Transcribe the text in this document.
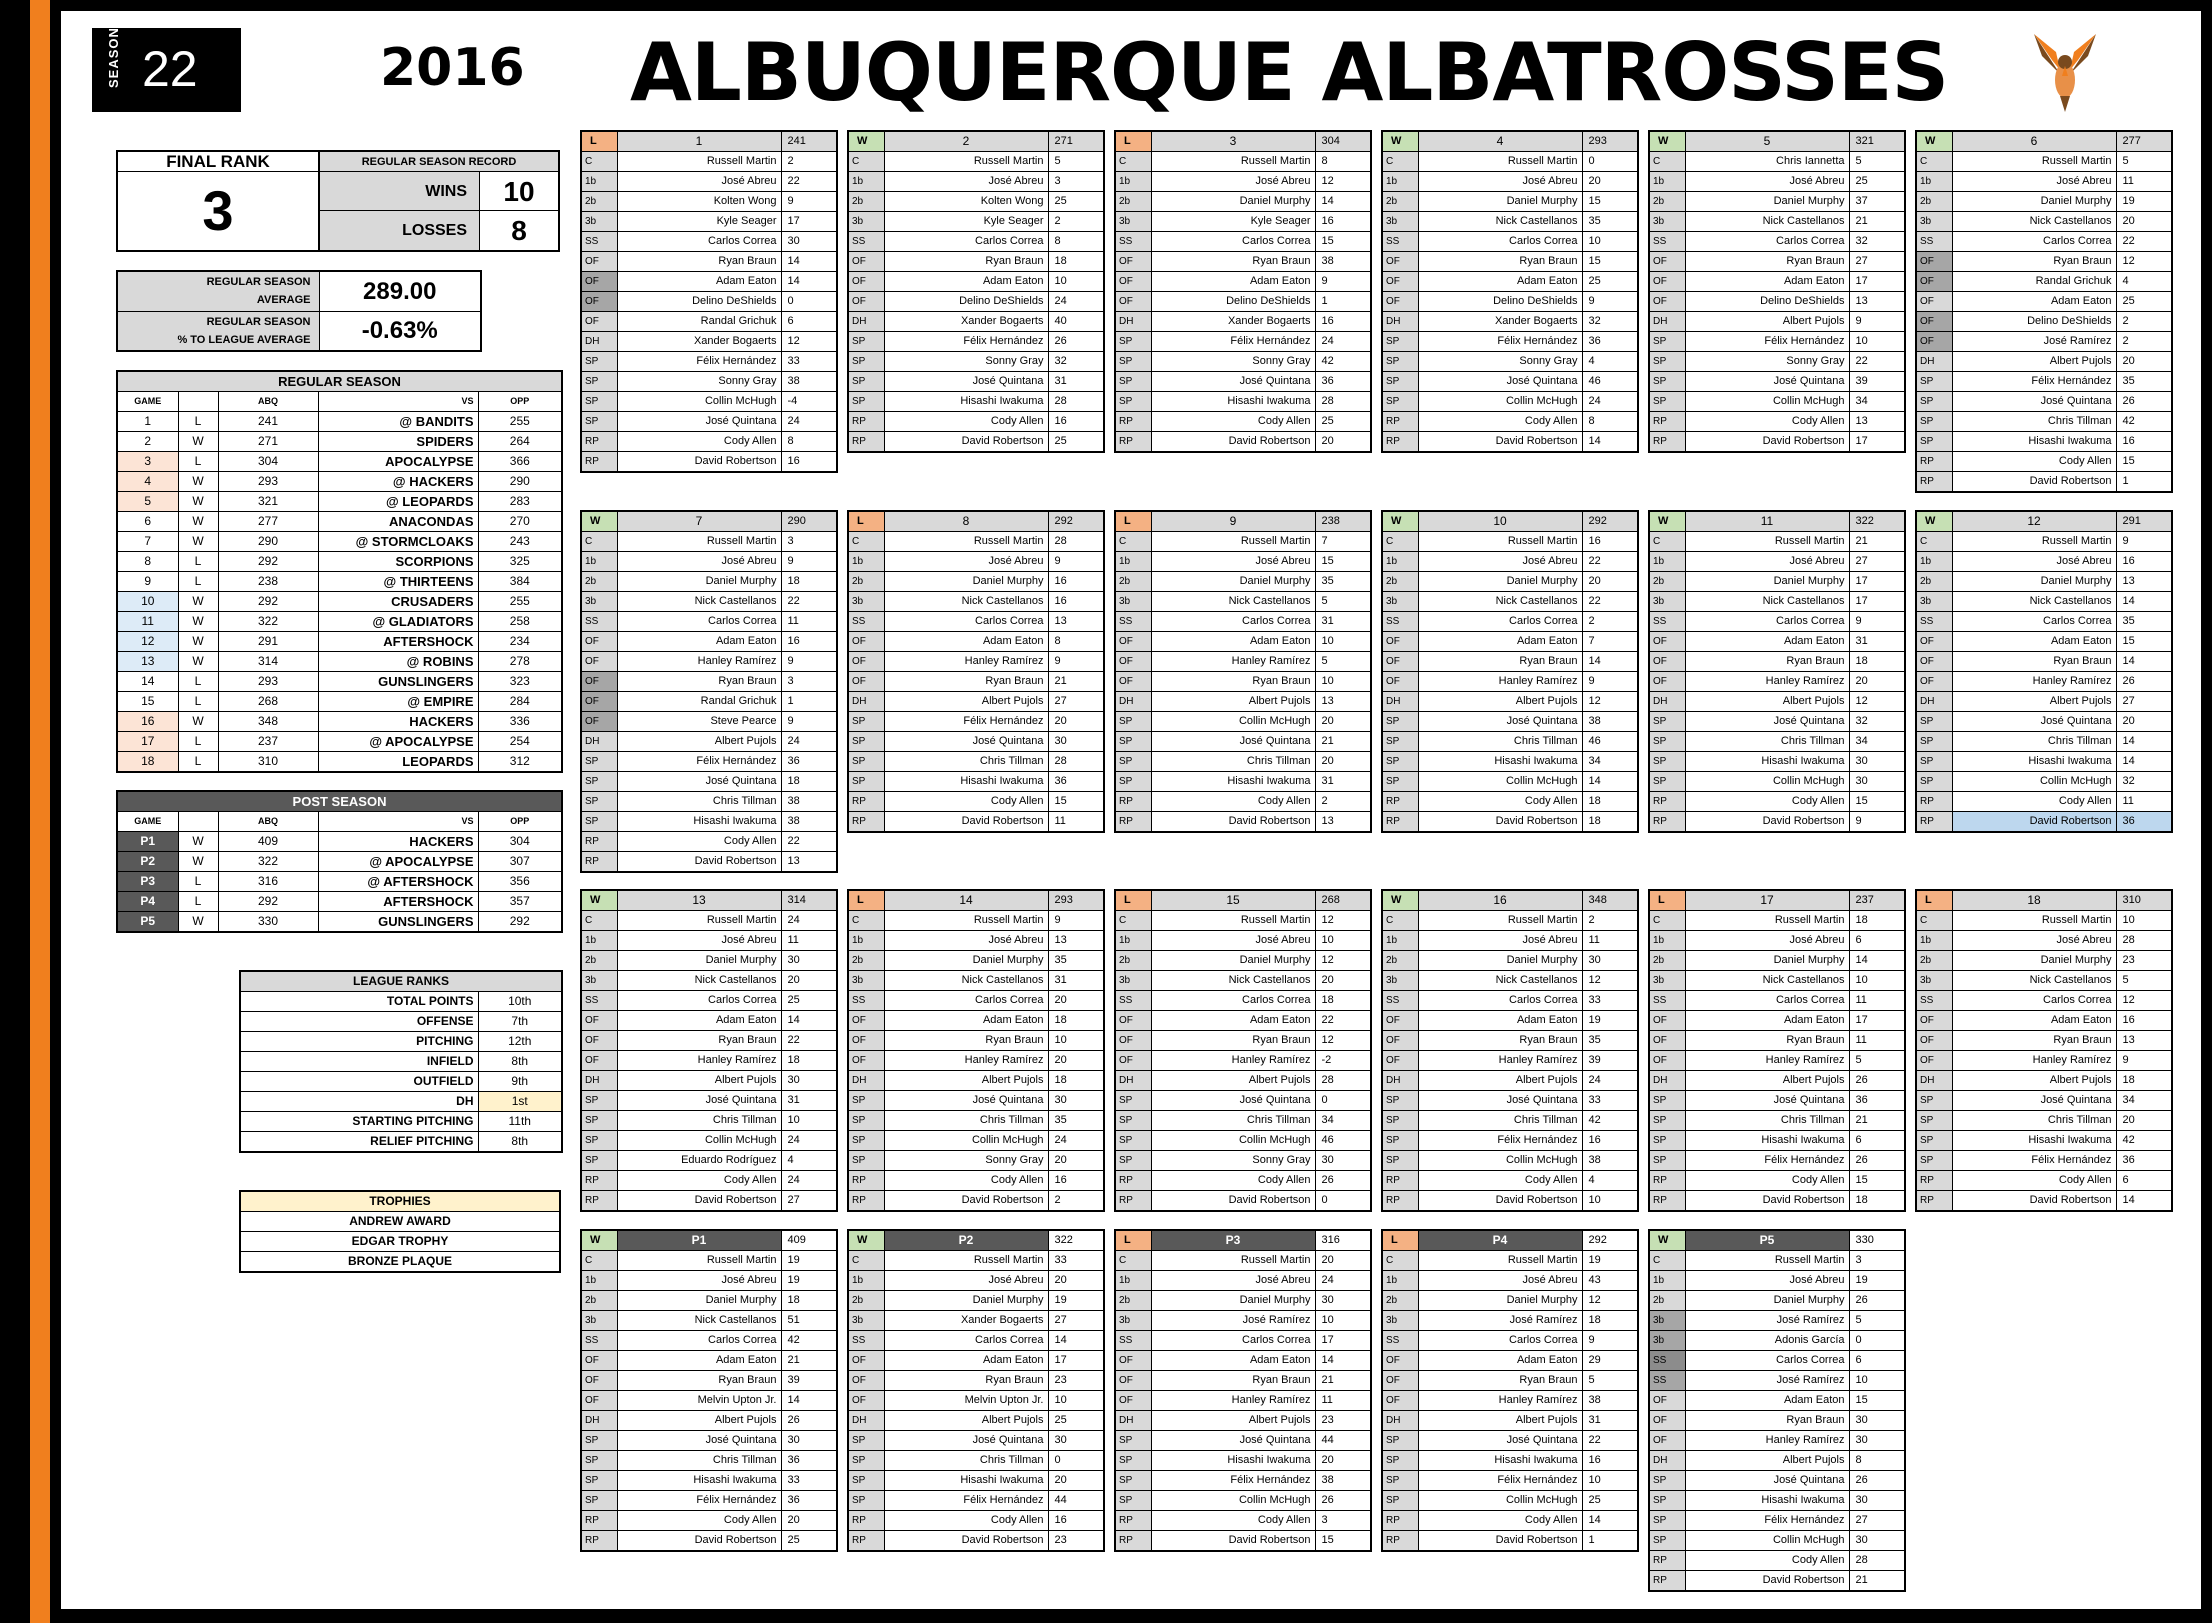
SEASON 22	2016 ALBUQUERQUE ALBATROSSES
FINAL RANK
3
REGULAR SEASON RECORD
WINS	10
LOSSES	8
REGULAR SEASON
AVERAGE	289.00
REGULAR SEASON
% TO LEAGUE AVERAGE	-0.63%
REGULAR SEASON				
GAME		ABQ	VS	OPP
1	L	241	@ BANDITS	255
2	W	271	SPIDERS	264
3	L	304	APOCALYPSE	366
4	W	293	@ HACKERS	290
5	W	321	@ LEOPARDS	283
6	W	277	ANACONDAS	270
7	W	290	@ STORMCLOAKS	243
8	L	292	SCORPIONS	325
9	L	238	@ THIRTEENS	384
10	W	292	CRUSADERS	255
11	W	322	@ GLADIATORS	258
12	W	291	AFTERSHOCK	234
13	W	314	@ ROBINS	278
14	L	293	GUNSLINGERS	323
15	L	268	@ EMPIRE	284
16	W	348	HACKERS	336
17	L	237	@ APOCALYPSE	254
18	L	310	LEOPARDS	312
POST SEASON				
GAME		ABQ	VS	OPP
P1	W	409	HACKERS	304
P2	W	322	@ APOCALYPSE	307
P3	L	316	@ AFTERSHOCK	356
P4	L	292	AFTERSHOCK	357
P5	W	330	GUNSLINGERS	292
LEAGUE RANKS	
TOTAL POINTS	10th
OFFENSE	7th
PITCHING	12th
INFIELD	8th
OUTFIELD	9th
DH	1st
STARTING PITCHING	11th
RELIEF PITCHING	8th
TROPHIES
ANDREW AWARD
EDGAR TROPHY
BRONZE PLAQUE
L	1	241
C	Russell Martin	2
1b	José Abreu	22
2b	Kolten Wong	9
3b	Kyle Seager	17
SS	Carlos Correa	30
OF	Ryan Braun	14
OF	Adam Eaton	14
OF	Delino DeShields	0
OF	Randal Grichuk	6
DH	Xander Bogaerts	12
SP	Félix Hernández	33
SP	Sonny Gray	38
SP	Collin McHugh	-4
SP	José Quintana	24
RP	Cody Allen	8
RP	David Robertson	16
W	2	271
C	Russell Martin	5
1b	José Abreu	3
2b	Kolten Wong	25
3b	Kyle Seager	2
SS	Carlos Correa	8
OF	Ryan Braun	18
OF	Adam Eaton	10
OF	Delino DeShields	24
DH	Xander Bogaerts	40
SP	Félix Hernández	26
SP	Sonny Gray	32
SP	José Quintana	31
SP	Hisashi Iwakuma	28
RP	Cody Allen	16
RP	David Robertson	25
L	3	304
C	Russell Martin	8
1b	José Abreu	12
2b	Daniel Murphy	14
3b	Kyle Seager	16
SS	Carlos Correa	15
OF	Ryan Braun	38
OF	Adam Eaton	9
OF	Delino DeShields	1
DH	Xander Bogaerts	16
SP	Félix Hernández	24
SP	Sonny Gray	42
SP	José Quintana	36
SP	Hisashi Iwakuma	28
RP	Cody Allen	25
RP	David Robertson	20
W	4	293
C	Russell Martin	0
1b	José Abreu	20
2b	Daniel Murphy	15
3b	Nick Castellanos	35
SS	Carlos Correa	10
OF	Ryan Braun	15
OF	Adam Eaton	25
OF	Delino DeShields	9
DH	Xander Bogaerts	32
SP	Félix Hernández	36
SP	Sonny Gray	4
SP	José Quintana	46
SP	Collin McHugh	24
RP	Cody Allen	8
RP	David Robertson	14
W	5	321
C	Chris Iannetta	5
1b	José Abreu	25
2b	Daniel Murphy	37
3b	Nick Castellanos	21
SS	Carlos Correa	32
OF	Ryan Braun	27
OF	Adam Eaton	17
OF	Delino DeShields	13
DH	Albert Pujols	9
SP	Félix Hernández	10
SP	Sonny Gray	22
SP	José Quintana	39
SP	Collin McHugh	34
RP	Cody Allen	13
RP	David Robertson	17
W	6	277
C	Russell Martin	5
1b	José Abreu	11
2b	Daniel Murphy	19
3b	Nick Castellanos	20
SS	Carlos Correa	22
OF	Ryan Braun	12
OF	Randal Grichuk	4
OF	Adam Eaton	25
OF	Delino DeShields	2
OF	José Ramírez	2
DH	Albert Pujols	20
SP	Félix Hernández	35
SP	José Quintana	26
SP	Chris Tillman	42
SP	Hisashi Iwakuma	16
RP	Cody Allen	15
RP	David Robertson	1
W	7	290
C	Russell Martin	3
1b	José Abreu	9
2b	Daniel Murphy	18
3b	Nick Castellanos	22
SS	Carlos Correa	11
OF	Adam Eaton	16
OF	Hanley Ramírez	9
OF	Ryan Braun	3
OF	Randal Grichuk	1
OF	Steve Pearce	9
DH	Albert Pujols	24
SP	Félix Hernández	36
SP	José Quintana	18
SP	Chris Tillman	38
SP	Hisashi Iwakuma	38
RP	Cody Allen	22
RP	David Robertson	13
L	8	292
C	Russell Martin	28
1b	José Abreu	9
2b	Daniel Murphy	16
3b	Nick Castellanos	16
SS	Carlos Correa	13
OF	Adam Eaton	8
OF	Hanley Ramírez	9
OF	Ryan Braun	21
DH	Albert Pujols	27
SP	Félix Hernández	20
SP	José Quintana	30
SP	Chris Tillman	28
SP	Hisashi Iwakuma	36
RP	Cody Allen	15
RP	David Robertson	11
L	9	238
C	Russell Martin	7
1b	José Abreu	15
2b	Daniel Murphy	35
3b	Nick Castellanos	5
SS	Carlos Correa	31
OF	Adam Eaton	10
OF	Hanley Ramírez	5
OF	Ryan Braun	10
DH	Albert Pujols	13
SP	Collin McHugh	20
SP	José Quintana	21
SP	Chris Tillman	20
SP	Hisashi Iwakuma	31
RP	Cody Allen	2
RP	David Robertson	13
W	10	292
C	Russell Martin	16
1b	José Abreu	22
2b	Daniel Murphy	20
3b	Nick Castellanos	22
SS	Carlos Correa	2
OF	Adam Eaton	7
OF	Ryan Braun	14
OF	Hanley Ramírez	9
DH	Albert Pujols	12
SP	José Quintana	38
SP	Chris Tillman	46
SP	Hisashi Iwakuma	34
SP	Collin McHugh	14
RP	Cody Allen	18
RP	David Robertson	18
W	11	322
C	Russell Martin	21
1b	José Abreu	27
2b	Daniel Murphy	17
3b	Nick Castellanos	17
SS	Carlos Correa	9
OF	Adam Eaton	31
OF	Ryan Braun	18
OF	Hanley Ramírez	20
DH	Albert Pujols	12
SP	José Quintana	32
SP	Chris Tillman	34
SP	Hisashi Iwakuma	30
SP	Collin McHugh	30
RP	Cody Allen	15
RP	David Robertson	9
W	12	291
C	Russell Martin	9
1b	José Abreu	16
2b	Daniel Murphy	13
3b	Nick Castellanos	14
SS	Carlos Correa	35
OF	Adam Eaton	15
OF	Ryan Braun	14
OF	Hanley Ramírez	26
DH	Albert Pujols	27
SP	José Quintana	20
SP	Chris Tillman	14
SP	Hisashi Iwakuma	14
SP	Collin McHugh	32
RP	Cody Allen	11
RP	David Robertson	36
W	13	314
C	Russell Martin	24
1b	José Abreu	11
2b	Daniel Murphy	30
3b	Nick Castellanos	20
SS	Carlos Correa	25
OF	Adam Eaton	14
OF	Ryan Braun	22
OF	Hanley Ramírez	18
DH	Albert Pujols	30
SP	José Quintana	31
SP	Chris Tillman	10
SP	Collin McHugh	24
SP	Eduardo Rodríguez	4
RP	Cody Allen	24
RP	David Robertson	27
L	14	293
C	Russell Martin	9
1b	José Abreu	13
2b	Daniel Murphy	35
3b	Nick Castellanos	31
SS	Carlos Correa	20
OF	Adam Eaton	18
OF	Ryan Braun	10
OF	Hanley Ramírez	20
DH	Albert Pujols	18
SP	José Quintana	30
SP	Chris Tillman	35
SP	Collin McHugh	24
SP	Sonny Gray	20
RP	Cody Allen	16
RP	David Robertson	2
L	15	268
C	Russell Martin	12
1b	José Abreu	10
2b	Daniel Murphy	12
3b	Nick Castellanos	20
SS	Carlos Correa	18
OF	Adam Eaton	22
OF	Ryan Braun	12
OF	Hanley Ramírez	-2
DH	Albert Pujols	28
SP	José Quintana	0
SP	Chris Tillman	34
SP	Collin McHugh	46
SP	Sonny Gray	30
RP	Cody Allen	26
RP	David Robertson	0
W	16	348
C	Russell Martin	2
1b	José Abreu	11
2b	Daniel Murphy	30
3b	Nick Castellanos	12
SS	Carlos Correa	33
OF	Adam Eaton	19
OF	Ryan Braun	35
OF	Hanley Ramírez	39
DH	Albert Pujols	24
SP	José Quintana	33
SP	Chris Tillman	42
SP	Félix Hernández	16
SP	Collin McHugh	38
RP	Cody Allen	4
RP	David Robertson	10
L	17	237
C	Russell Martin	18
1b	José Abreu	6
2b	Daniel Murphy	14
3b	Nick Castellanos	10
SS	Carlos Correa	11
OF	Adam Eaton	17
OF	Ryan Braun	11
OF	Hanley Ramírez	5
DH	Albert Pujols	26
SP	José Quintana	36
SP	Chris Tillman	21
SP	Hisashi Iwakuma	6
SP	Félix Hernández	26
RP	Cody Allen	15
RP	David Robertson	18
L	18	310
C	Russell Martin	10
1b	José Abreu	28
2b	Daniel Murphy	23
3b	Nick Castellanos	5
SS	Carlos Correa	12
OF	Adam Eaton	16
OF	Ryan Braun	13
OF	Hanley Ramírez	9
DH	Albert Pujols	18
SP	José Quintana	34
SP	Chris Tillman	20
SP	Hisashi Iwakuma	42
SP	Félix Hernández	36
RP	Cody Allen	6
RP	David Robertson	14
W	P1	409
C	Russell Martin	19
1b	José Abreu	19
2b	Daniel Murphy	18
3b	Nick Castellanos	51
SS	Carlos Correa	42
OF	Adam Eaton	21
OF	Ryan Braun	39
OF	Melvin Upton Jr.	14
DH	Albert Pujols	26
SP	José Quintana	30
SP	Chris Tillman	36
SP	Hisashi Iwakuma	33
SP	Félix Hernández	36
RP	Cody Allen	20
RP	David Robertson	25
W	P2	322
C	Russell Martin	33
1b	José Abreu	20
2b	Daniel Murphy	19
3b	Xander Bogaerts	27
SS	Carlos Correa	14
OF	Adam Eaton	17
OF	Ryan Braun	23
OF	Melvin Upton Jr.	10
DH	Albert Pujols	25
SP	José Quintana	30
SP	Chris Tillman	0
SP	Hisashi Iwakuma	20
SP	Félix Hernández	44
RP	Cody Allen	16
RP	David Robertson	23
L	P3	316
C	Russell Martin	20
1b	José Abreu	24
2b	Daniel Murphy	30
3b	José Ramírez	10
SS	Carlos Correa	17
OF	Adam Eaton	14
OF	Ryan Braun	21
OF	Hanley Ramírez	11
DH	Albert Pujols	23
SP	José Quintana	44
SP	Hisashi Iwakuma	20
SP	Félix Hernández	38
SP	Collin McHugh	26
RP	Cody Allen	3
RP	David Robertson	15
L	P4	292
C	Russell Martin	19
1b	José Abreu	43
2b	Daniel Murphy	12
3b	José Ramírez	18
SS	Carlos Correa	9
OF	Adam Eaton	29
OF	Ryan Braun	5
OF	Hanley Ramírez	38
DH	Albert Pujols	31
SP	José Quintana	22
SP	Hisashi Iwakuma	16
SP	Félix Hernández	10
SP	Collin McHugh	25
RP	Cody Allen	14
RP	David Robertson	1
W	P5	330
C	Russell Martin	3
1b	José Abreu	19
2b	Daniel Murphy	26
3b	José Ramírez	5
3b	Adonis García	0
SS	Carlos Correa	6
SS	José Ramírez	10
OF	Adam Eaton	15
OF	Ryan Braun	30
OF	Hanley Ramírez	30
DH	Albert Pujols	8
SP	José Quintana	26
SP	Hisashi Iwakuma	30
SP	Félix Hernández	27
SP	Collin McHugh	30
RP	Cody Allen	28
RP	David Robertson	21
